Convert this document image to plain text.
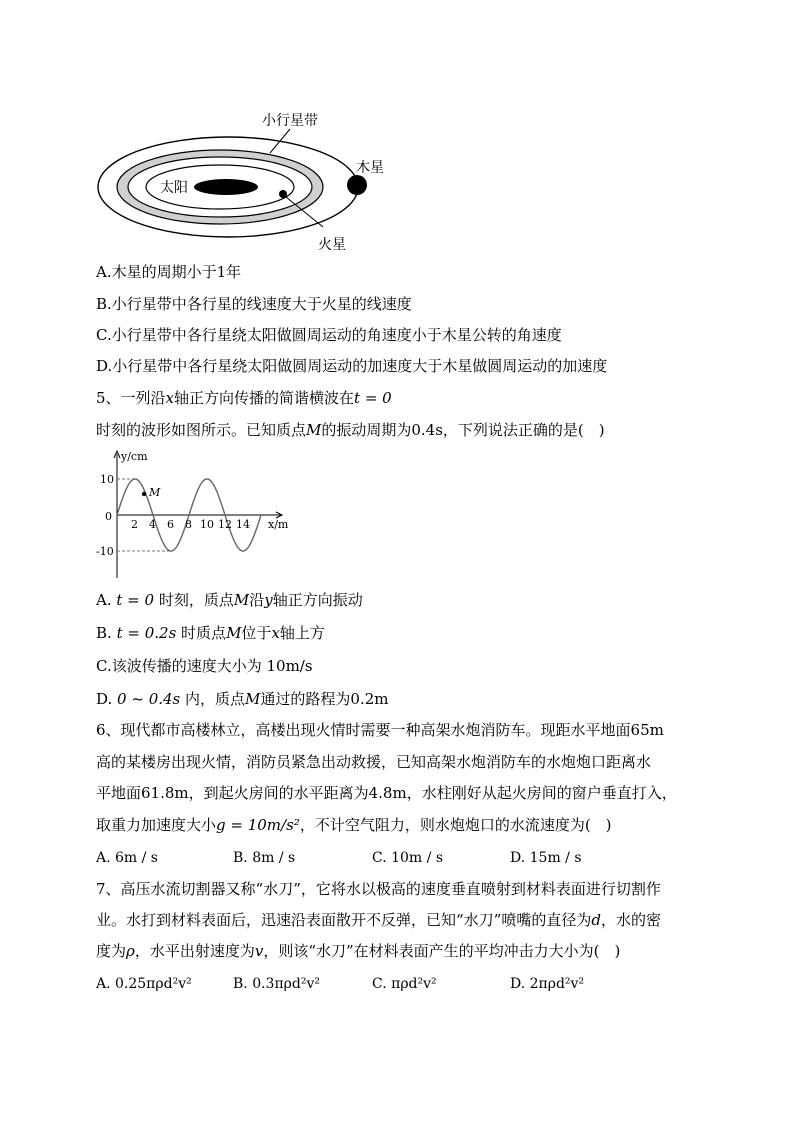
小行星带
木星
太阳
火星
A.木星的周期小于1年
B.小行星带中各行星的线速度大于火星的线速度
C.小行星带中各行星绕太阳做圆周运动的角速度小于木星公转的角速度
D.小行星带中各行星绕太阳做圆周运动的加速度大于木星做圆周运动的加速度
5、一列沿x轴正方向传播的简谐横波在t = 0
时刻的波形如图所示。已知质点M的振动周期为0.4s，下列说法正确的是(　)
M
y/cm
x/m
0
10
-10
2 4 6 8 10 12 14
A. t = 0 时刻，质点M沿y轴正方向振动
B. t = 0.2s 时质点M位于x轴上方
C.该波传播的速度大小为 10m/s
D. 0 ~ 0.4s 内，质点M通过的路程为0.2m
6、现代都市高楼林立，高楼出现火情时需要一种高架水炮消防车。现距水平地面65m
高的某楼房出现火情，消防员紧急出动救援，已知高架水炮消防车的水炮炮口距离水
平地面61.8m，到起火房间的水平距离为4.8m，水柱刚好从起火房间的窗户垂直打入，
取重力加速度大小g = 10m/s²，不计空气阻力，则水炮炮口的水流速度为(　)
A. 6m / s	B. 8m / s	C. 10m / s	D. 15m / s
7、高压水流切割器又称“水刀”，它将水以极高的速度垂直喷射到材料表面进行切割作
业。水打到材料表面后，迅速沿表面散开不反弹，已知“水刀”喷嘴的直径为d，水的密
度为ρ，水平出射速度为v，则该“水刀”在材料表面产生的平均冲击力大小为(　)
A. 0.25πρd²v²	B. 0.3πρd²v²	C. πρd²v²	D. 2πρd²v²
